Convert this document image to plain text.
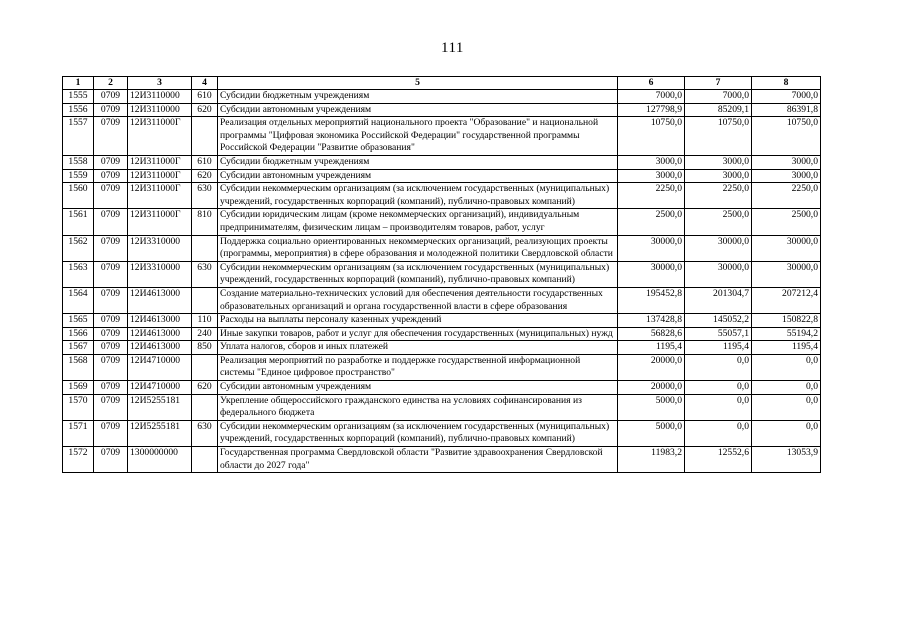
111
1	2	3	4	5	6	7	8
1555	0709	12И3110000	610	Субсидии бюджетным учреждениям	7000,0	7000,0	7000,0
1556	0709	12И3110000	620	Субсидии автономным учреждениям	127798,9	85209,1	86391,8
1557	0709	12И311000Г		Реализация отдельных мероприятий национального проекта "Образование" и национальной программы "Цифровая экономика Российской Федерации" государственной программы Российской Федерации "Развитие образования"	10750,0	10750,0	10750,0
1558	0709	12И311000Г	610	Субсидии бюджетным учреждениям	3000,0	3000,0	3000,0
1559	0709	12И311000Г	620	Субсидии автономным учреждениям	3000,0	3000,0	3000,0
1560	0709	12И311000Г	630	Субсидии некоммерческим организациям (за исключением государственных (муниципальных) учреждений, государственных корпораций (компаний), публично-правовых компаний)	2250,0	2250,0	2250,0
1561	0709	12И311000Г	810	Субсидии юридическим лицам (кроме некоммерческих организаций), индивидуальным предпринимателям, физическим лицам – производителям товаров, работ, услуг	2500,0	2500,0	2500,0
1562	0709	12И3310000		Поддержка социально ориентированных некоммерческих организаций, реализующих проекты (программы, мероприятия) в сфере образования и молодежной политики Свердловской области	30000,0	30000,0	30000,0
1563	0709	12И3310000	630	Субсидии некоммерческим организациям (за исключением государственных (муниципальных) учреждений, государственных корпораций (компаний), публично-правовых компаний)	30000,0	30000,0	30000,0
1564	0709	12И4613000		Создание материально-технических условий для обеспечения деятельности государственных образовательных организаций и органа государственной власти в сфере образования	195452,8	201304,7	207212,4
1565	0709	12И4613000	110	Расходы на выплаты персоналу казенных учреждений	137428,8	145052,2	150822,8
1566	0709	12И4613000	240	Иные закупки товаров, работ и услуг для обеспечения государственных (муниципальных) нужд	56828,6	55057,1	55194,2
1567	0709	12И4613000	850	Уплата налогов, сборов и иных платежей	1195,4	1195,4	1195,4
1568	0709	12И4710000		Реализация мероприятий по разработке и поддержке государственной информационной системы "Единое цифровое пространство"	20000,0	0,0	0,0
1569	0709	12И4710000	620	Субсидии автономным учреждениям	20000,0	0,0	0,0
1570	0709	12И5255181		Укрепление общероссийского гражданского единства на условиях софинансирования из федерального бюджета	5000,0	0,0	0,0
1571	0709	12И5255181	630	Субсидии некоммерческим организациям (за исключением государственных (муниципальных) учреждений, государственных корпораций (компаний), публично-правовых компаний)	5000,0	0,0	0,0
1572	0709	1300000000		Государственная программа Свердловской области "Развитие здравоохранения Свердловской области до 2027 года"	11983,2	12552,6	13053,9
